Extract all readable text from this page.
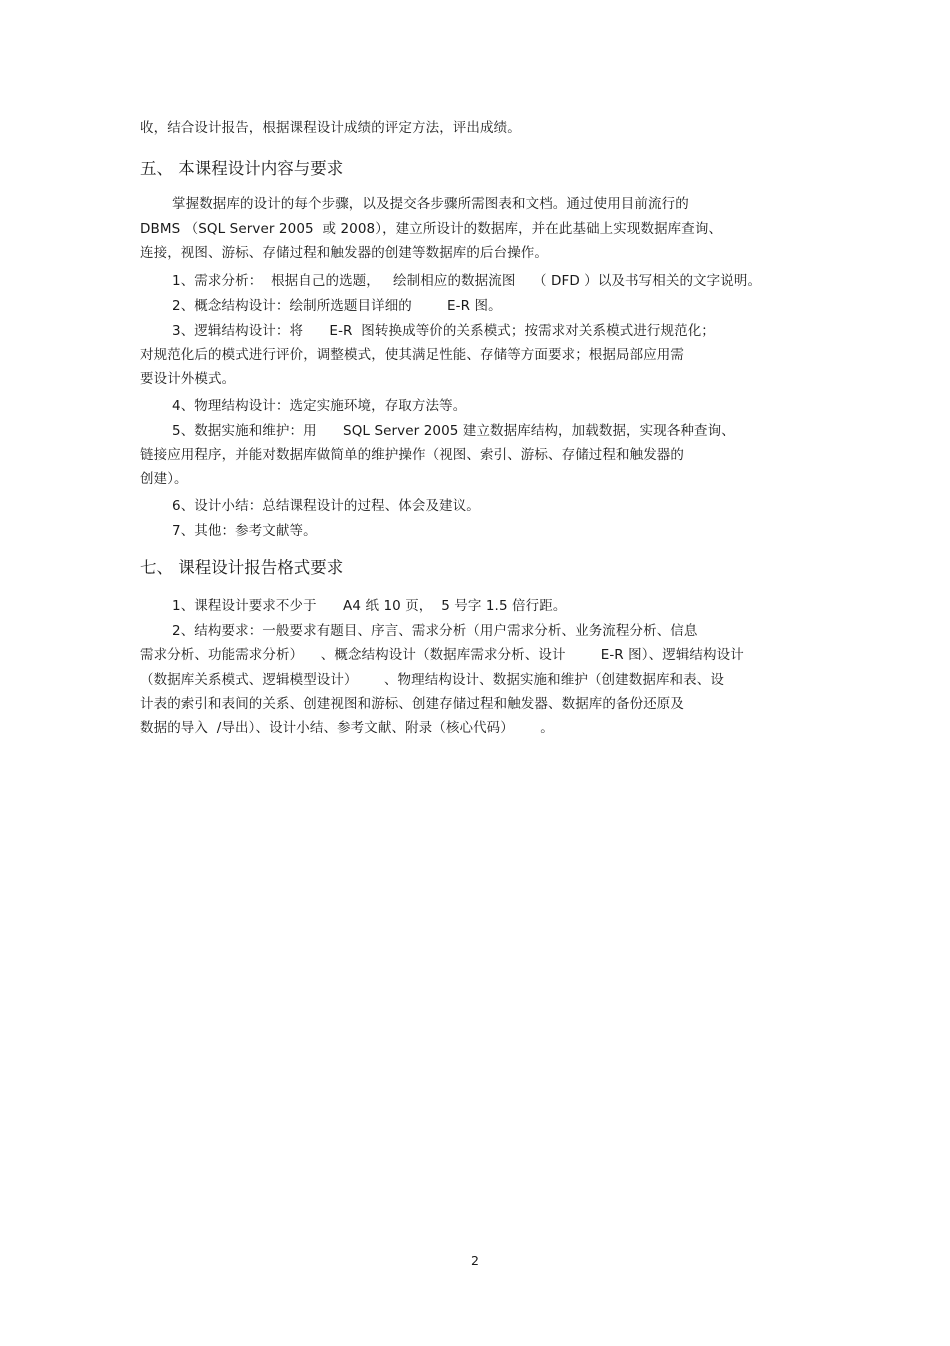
收，结合设计报告，根据课程设计成绩的评定方法，评出成绩。
五、 本课程设计内容与要求
掌握数据库的设计的每个步骤，以及提交各步骤所需图表和文档。通过使用目前流行的
DBMS （SQL Server 2005  或 2008），建立所设计的数据库，并在此基础上实现数据库查询、
连接，视图、游标、存储过程和触发器的创建等数据库的后台操作。
1、需求分析：  根据自己的选题，   绘制相应的数据流图    （ DFD ）以及书写相关的文字说明。
2、概念结构设计：绘制所选题目详细的        E-R 图。
3、逻辑结构设计：将      E-R  图转换成等价的关系模式；按需求对关系模式进行规范化；
对规范化后的模式进行评价，调整模式，使其满足性能、存储等方面要求；根据局部应用需
要设计外模式。
4、物理结构设计：选定实施环境，存取方法等。
5、数据实施和维护：用      SQL Server 2005 建立数据库结构，加载数据，实现各种查询、
链接应用程序，并能对数据库做简单的维护操作（视图、索引、游标、存储过程和触发器的
创建）。
6、设计小结：总结课程设计的过程、体会及建议。
7、其他：参考文献等。
七、 课程设计报告格式要求
1、课程设计要求不少于      A4 纸 10 页，  5 号字 1.5 倍行距。
2、结构要求：一般要求有题目、序言、需求分析（用户需求分析、业务流程分析、信息
需求分析、功能需求分析）    、概念结构设计（数据库需求分析、设计        E-R 图）、逻辑结构设计
（数据库关系模式、逻辑模型设计）      、物理结构设计、数据实施和维护（创建数据库和表、设
计表的索引和表间的关系、创建视图和游标、创建存储过程和触发器、数据库的备份还原及
数据的导入  /导出）、设计小结、参考文献、附录（核心代码）      。
2
